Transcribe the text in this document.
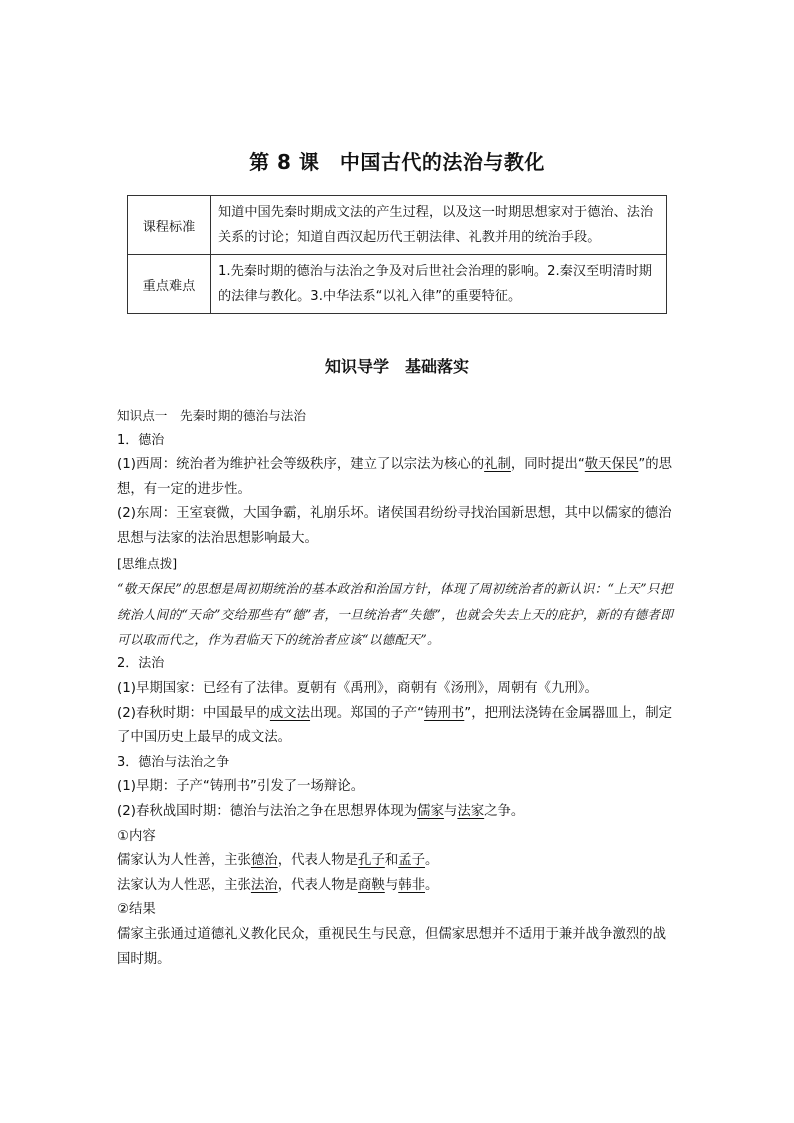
第 8 课　中国古代的法治与教化
课程标准	知道中国先秦时期成文法的产生过程，以及这一时期思想家对于德治、法治关系的讨论；知道自西汉起历代王朝法律、礼教并用的统治手段。
重点难点	1.先秦时期的德治与法治之争及对后世社会治理的影响。2.秦汉至明清时期的法律与教化。3.中华法系“以礼入律”的重要特征。
知识导学　基础落实

知识点一　先秦时期的德治与法治

1．德治

(1)西周：统治者为维护社会等级秩序，建立了以宗法为核心的礼制，同时提出“敬天保民”的思想，有一定的进步性。

(2)东周：王室衰微，大国争霸，礼崩乐坏。诸侯国君纷纷寻找治国新思想，其中以儒家的德治思想与法家的法治思想影响最大。

[思维点拨]

“敬天保民”的思想是周初期统治的基本政治和治国方针，体现了周初统治者的新认识：“上天”只把统治人间的“天命”交给那些有“德”者，一旦统治者“失德”，也就会失去上天的庇护，新的有德者即可以取而代之，作为君临天下的统治者应该“以德配天”。

2．法治

(1)早期国家：已经有了法律。夏朝有《禹刑》，商朝有《汤刑》，周朝有《九刑》。

(2)春秋时期：中国最早的成文法出现。郑国的子产“铸刑书”，把刑法浇铸在金属器皿上，制定了中国历史上最早的成文法。

3．德治与法治之争

(1)早期：子产“铸刑书”引发了一场辩论。

(2)春秋战国时期：德治与法治之争在思想界体现为儒家与法家之争。

①内容

儒家认为人性善，主张德治，代表人物是孔子和孟子。

法家认为人性恶，主张法治，代表人物是商鞅与韩非。

②结果

儒家主张通过道德礼义教化民众，重视民生与民意，但儒家思想并不适用于兼并战争激烈的战国时期。
